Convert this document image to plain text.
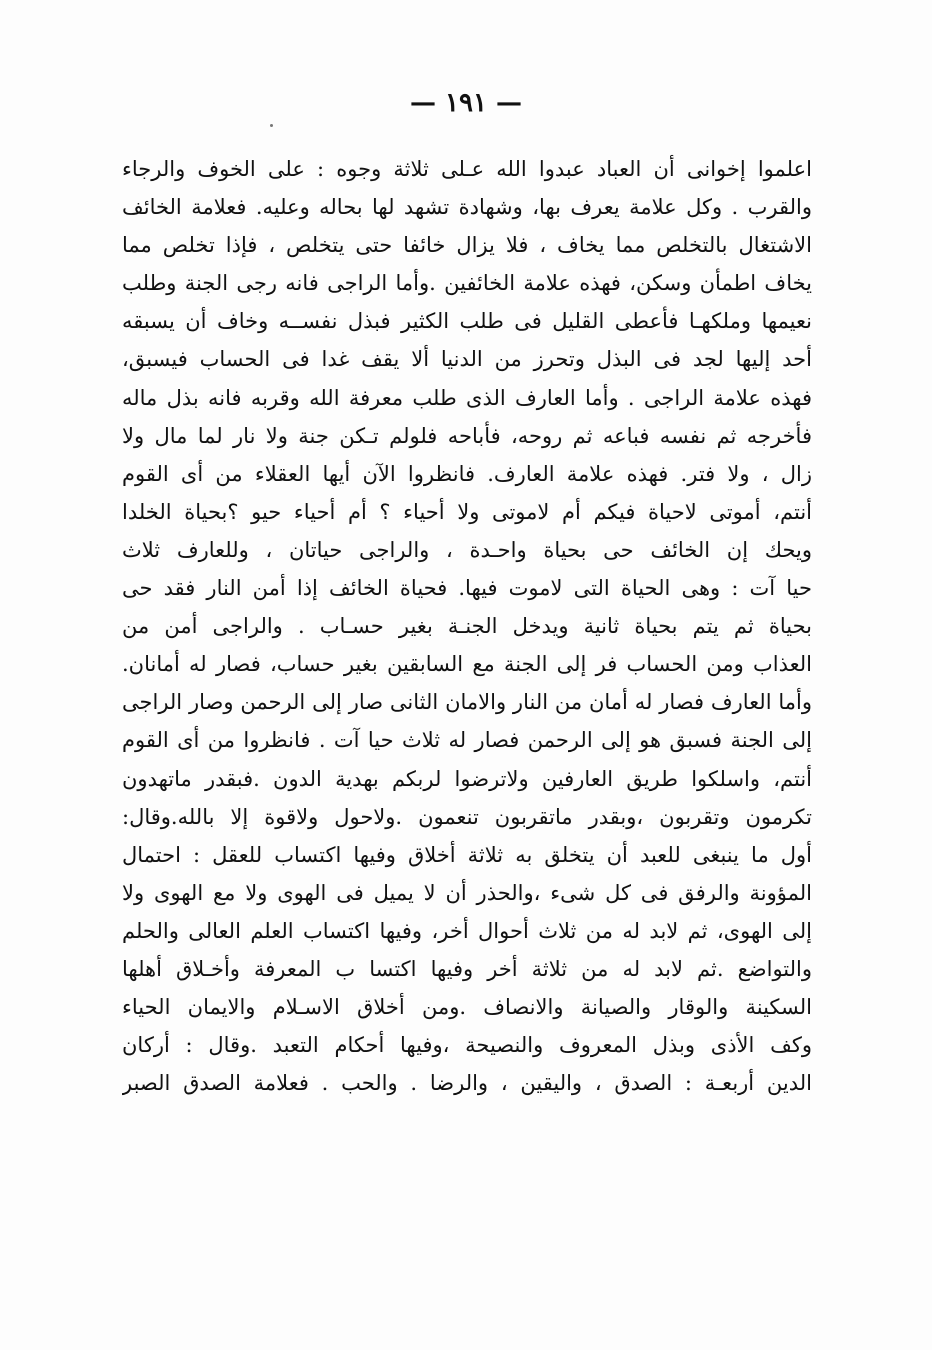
— ١٩١ —
اعلموا إخوانى أن العباد عبدوا الله عـلى ثلاثة وجوه : على الخوف والرجاء
والقرب . وكل علامة يعرف بها، وشهادة تشهد لها بحاله وعليه. فعلامة الخائف
الاشتغال بالتخلص مما يخاف ، فلا يزال خائفا حتى يتخلص ، فإذا تخلص مما
يخاف اطمأن وسكن، فهذه علامة الخائفين .وأما الراجى فانه رجى الجنة وطلب
نعيمها وملكهـا فأعطى القليل فى طلب الكثير فبذل نفســه وخاف أن يسبقه
أحد إليها لجد فى البذل وتحرز من الدنيا ألا يقف غدا فى الحساب فيسبق،
فهذه علامة الراجى . وأما العارف الذى طلب معرفة الله وقربه فانه بذل ماله
فأخرجه ثم نفسه فباعه ثم روحه، فأباحه فلولم تـكن جنة ولا نار لما مال ولا
زال ، ولا فتر. فهذه علامة العارف. فانظروا الآن أيها العقلاء من أى القوم
أنتم، أموتى لاحياة فيكم أم لاموتى ولا أحياء ؟ أم أحياء حيو ؟بحياة الخلدا
ويحك إن الخائف حى بحياة واحـدة ، والراجى حياتان ، وللعارف ثلاث
حيا آت : وهى الحياة التى لاموت فيها. فحياة الخائف إذا أمن النار فقد حى
بحياة ثم يتم بحياة ثانية ويدخل الجنـة بغير حسـاب . والراجى أمن من
العذاب ومن الحساب فر إلى الجنة مع السابقين بغير حساب، فصار له أمانان.
وأما العارف فصار له أمان من النار والامان الثانى صار إلى الرحمن وصار الراجى
إلى الجنة فسبق هو إلى الرحمن فصار له ثلاث حيا آت . فانظروا من أى القوم
أنتم، واسلكوا طريق العارفين ولاترضوا لربكم بهدية الدون .فبقدر ماتهدون
تكرمون وتقربون ،وبقدر ماتقربون تنعمون .ولاحول ولاقوة إلا بالله.وقال:
أول ما ينبغى للعبد أن يتخلق به ثلاثة أخلاق وفيها اكتساب للعقل : احتمال
المؤونة والرفق فى كل شىء ،والحذر أن لا يميل فى الهوى ولا مع الهوى ولا
إلى الهوى، ثم لابد له من ثلاث أحوال أخر، وفيها اكتساب العلم العالى والحلم
والتواضع .ثم لابد له من ثلاثة أخر وفيها اكتسا ب المعرفة وأخـلاق أهلها
السكينة والوقار والصيانة والانصاف .ومن أخلاق الاسـلام والايمان الحياء
وكف الأذى وبذل المعروف والنصيحة ،وفيها أحكام التعبد .وقال : أركان
الدين أربعـة : الصدق ، واليقين ، والرضا . والحب . فعلامة الصدق الصبر
